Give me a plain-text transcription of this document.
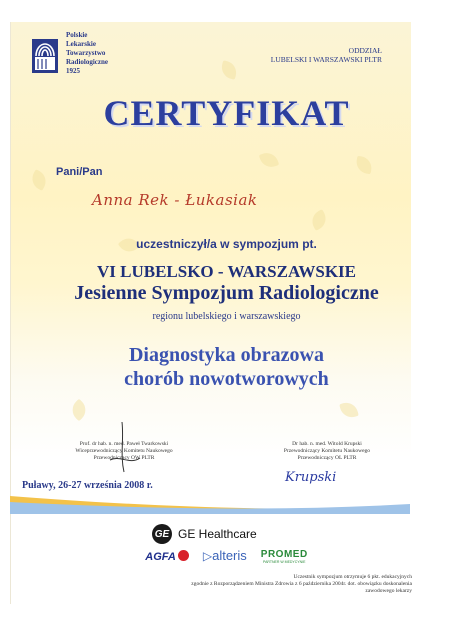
Polskie
Lekarskie
Towarzystwo
Radiologiczne
1925
ODDZIAŁ
LUBELSKI I WARSZAWSKI PLTR
CERTYFIKAT
Pani/Pan
Anna Rek - Łukasiak
uczestniczył/a w sympozjum pt.
VI LUBELSKO - WARSZAWSKIE
Jesienne Sympozjum Radiologiczne
regionu lubelskiego i warszawskiego
Diagnostyka obrazowa
chorób nowotworowych
Prof. dr hab. n. med. Paweł Twarkowski
Wiceprzewodniczący Komitetu Naukowego
Przewodniczący OW PLTR
Dr hab. n. med. Witold Krupski
Przewodniczący Komitetu Naukowego
Przewodniczący OL PLTR
Krupski
Puławy, 26-27 września 2008 r.
GE GE Healthcare
AGFA	▷alteris PROMED
PARTNER W MEDYCYNIE
Uczestnik sympozjum otrzymuje 6 pkt. edukacyjnych
zgodnie z Rozporządzeniem Ministra Zdrowia z 6 października 2004r. dot. obowiązku doskonalenia zawodowego lekarzy
